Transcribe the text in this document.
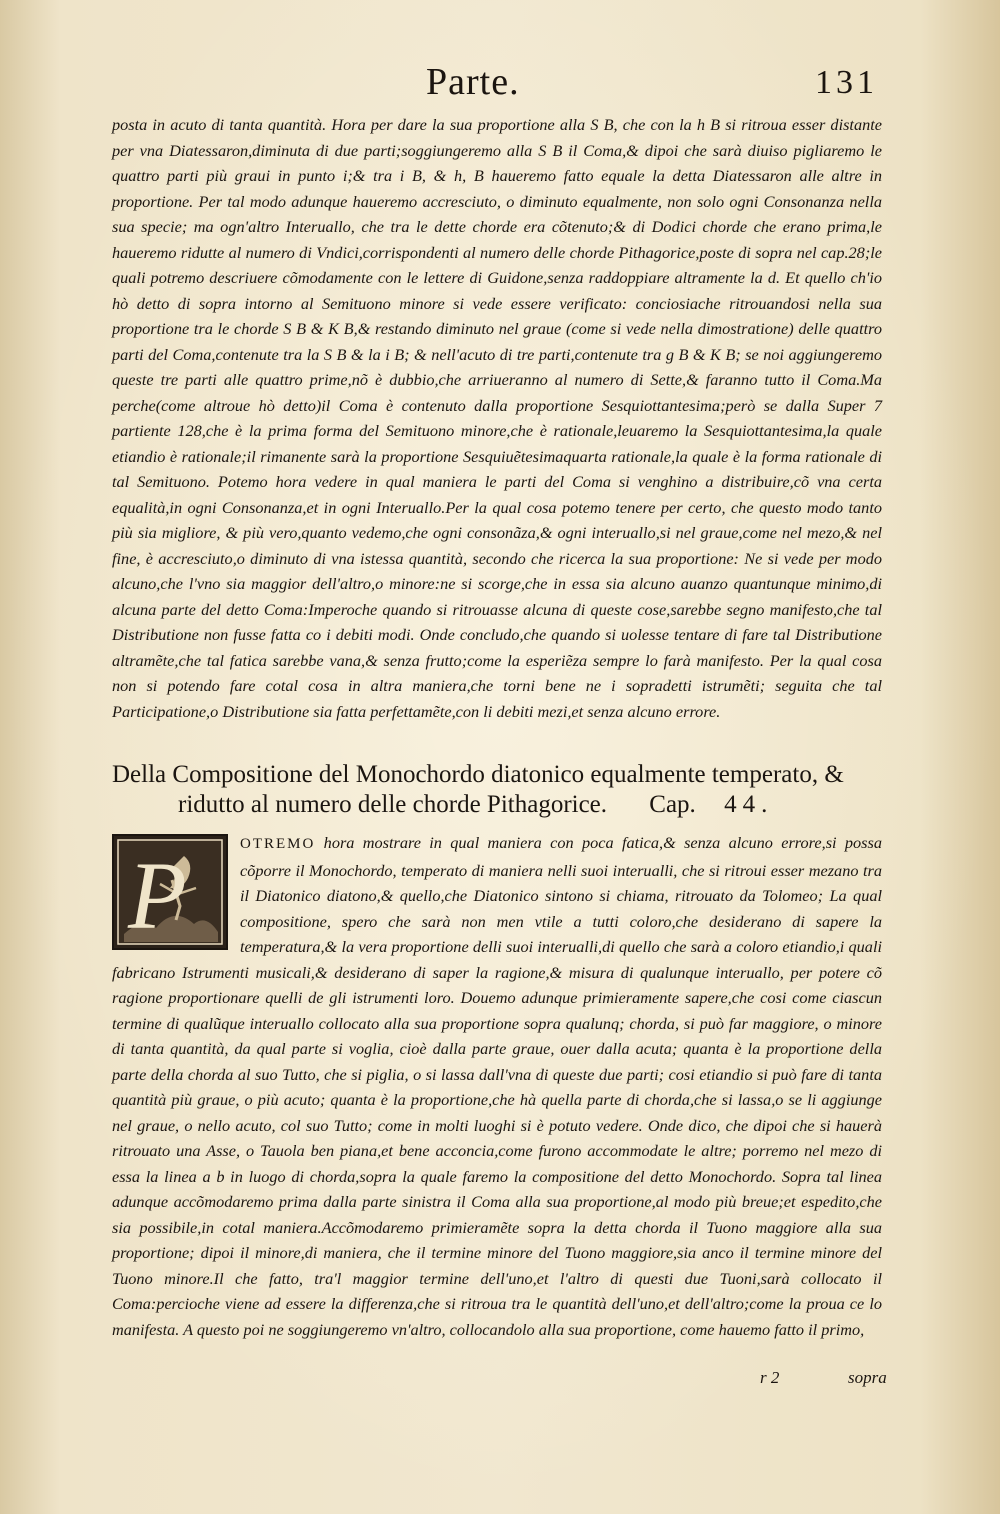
Parte.	131

posta in acuto di tanta quantità. Hora per dare la sua proportione alla S B, che con la h B si ritroua esser distante per vna Diatessaron,diminuta di due parti;soggiungeremo alla S B il Coma,& dipoi che sarà diuiso pigliaremo le quattro parti più graui in punto i;& tra i B, & h, B haueremo fatto equale la detta Diatessaron alle altre in proportione. Per tal modo adunque haueremo accresciuto, o diminuto equalmente, non solo ogni Consonanza nella sua specie; ma ogn'altro Interuallo, che tra le dette chorde era cõtenuto;& di Dodici chorde che erano prima,le haueremo ridutte al numero di Vndici,corrispondenti al numero delle chorde Pithagorice,poste di sopra nel cap.28;le quali potremo descriuere cõmodamente con le lettere di Guidone,senza raddoppiare altramente la d. Et quello ch'io hò detto di sopra intorno al Semituono minore si vede essere verificato: conciosiache ritrouandosi nella sua proportione tra le chorde S B & K B,& restando diminuto nel graue (come si vede nella dimostratione) delle quattro parti del Coma,contenute tra la S B & la i B; & nell'acuto di tre parti,contenute tra g B & K B; se noi aggiungeremo queste tre parti alle quattro prime,nõ è dubbio,che arriueranno al numero di Sette,& faranno tutto il Coma.Ma perche(come altroue hò detto)il Coma è contenuto dalla proportione Sesquiottantesima;però se dalla Super 7 partiente 128,che è la prima forma del Semituono minore,che è rationale,leuaremo la Sesquiottantesima,la quale etiandio è rationale;il rimanente sarà la proportione Sesquiuẽtesimaquarta rationale,la quale è la forma rationale di tal Semituono. Potemo hora vedere in qual maniera le parti del Coma si venghino a distribuire,cõ vna certa equalità,in ogni Consonanza,et in ogni Interuallo.Per la qual cosa potemo tenere per certo, che questo modo tanto più sia migliore, & più vero,quanto vedemo,che ogni consonãza,& ogni interuallo,si nel graue,come nel mezo,& nel fine, è accresciuto,o diminuto di vna istessa quantità, secondo che ricerca la sua proportione: Ne si vede per modo alcuno,che l'vno sia maggior dell'altro,o minore:ne si scorge,che in essa sia alcuno auanzo quantunque minimo,di alcuna parte del detto Coma:Imperoche quando si ritrouasse alcuna di queste cose,sarebbe segno manifesto,che tal Distributione non fusse fatta co i debiti modi. Onde concludo,che quando si uolesse tentare di fare tal Distributione altramẽte,che tal fatica sarebbe vana,& senza frutto;come la esperiẽza sempre lo farà manifesto. Per la qual cosa non si potendo fare cotal cosa in altra maniera,che torni bene ne i sopradetti istrumẽti; seguita che tal Participatione,o Distributione sia fatta perfettamẽte,con li debiti mezi,et senza alcuno errore.

Della Compositione del Monochordo diatonico equalmente temperato, &
ridutto al numero delle chorde Pithagorice. Cap. 44.
P	OTREMO hora mostrare in qual maniera con poca fatica,& senza alcuno errore,si possa cõporre il Monochordo, temperato di maniera nelli suoi interualli, che si ritroui esser mezano tra il Diatonico diatono,& quello,che Diatonico sintono si chiama, ritrouato da Tolomeo; La qual compositione, spero che sarà non men vtile a tutti coloro,che desiderano di sapere la temperatura,& la vera proportione delli suoi interualli,di quello che sarà a coloro etiandio,i quali fabricano Istrumenti musicali,& desiderano di saper la ragione,& misura di qualunque interuallo, per potere cõ ragione proportionare quelli de gli istrumenti loro. Douemo adunque primieramente sapere,che cosi come ciascun termine di qualũque interuallo collocato alla sua proportione sopra qualunq; chorda, si può far maggiore, o minore di tanta quantità, da qual parte si voglia, cioè dalla parte graue, ouer dalla acuta; quanta è la proportione della parte della chorda al suo Tutto, che si piglia, o si lassa dall'vna di queste due parti; cosi etiandio si può fare di tanta quantità più graue, o più acuto; quanta è la proportione,che hà quella parte di chorda,che si lassa,o se li aggiunge nel graue, o nello acuto, col suo Tutto; come in molti luoghi si è potuto vedere. Onde dico, che dipoi che si hauerà ritrouato una Asse, o Tauola ben piana,et bene acconcia,come furono accommodate le altre; porremo nel mezo di essa la linea a b in luogo di chorda,sopra la quale faremo la compositione del detto Monochordo. Sopra tal linea adunque accõmodaremo prima dalla parte sinistra il Coma alla sua proportione,al modo più breue;et espedito,che sia possibile,in cotal maniera.Accõmodaremo primieramẽte sopra la detta chorda il Tuono maggiore alla sua proportione; dipoi il minore,di maniera, che il termine minore del Tuono maggiore,sia anco il termine minore del Tuono minore.Il che fatto, tra'l maggior termine dell'uno,et l'altro di questi due Tuoni,sarà collocato il Coma:percioche viene ad essere la differenza,che si ritroua tra le quantità dell'uno,et dell'altro;come la proua ce lo manifesta. A questo poi ne soggiungeremo vn'altro, collocandolo alla sua proportione, come hauemo fatto il primo,
r 2	sopra
